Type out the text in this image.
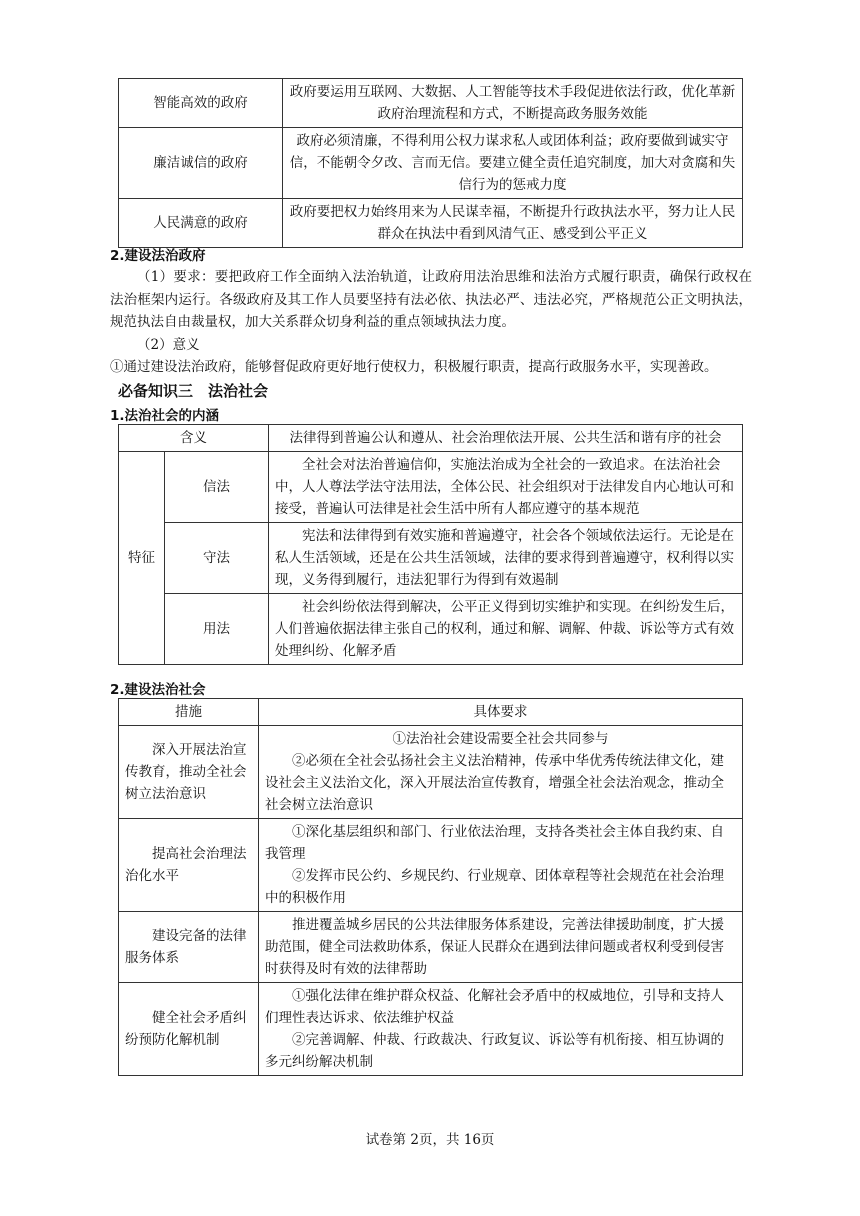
智能高效的政府	政府要运用互联网、大数据、人工智能等技术手段促进依法行政，优化革新政府治理流程和方式，不断提高政务服务效能
廉洁诚信的政府	政府必须清廉，不得利用公权力谋求私人或团体利益；政府要做到诚实守信，不能朝令夕改、言而无信。要建立健全责任追究制度，加大对贪腐和失信行为的惩戒力度
人民满意的政府	政府要把权力始终用来为人民谋幸福，不断提升行政执法水平，努力让人民群众在执法中看到风清气正、感受到公平正义
2.建设法治政府
（1）要求：要把政府工作全面纳入法治轨道，让政府用法治思维和法治方式履行职责，确保行政权在法治框架内运行。各级政府及其工作人员要坚持有法必依、执法必严、违法必究，严格规范公正文明执法，规范执法自由裁量权，加大关系群众切身利益的重点领域执法力度。
（2）意义
①通过建设法治政府，能够督促政府更好地行使权力，积极履行职责，提高行政服务水平，实现善政。
必备知识三　法治社会
1.法治社会的内涵
含义		法律得到普遍公认和遵从、社会治理依法开展、公共生活和谐有序的社会
特征	信法	全社会对法治普遍信仰，实施法治成为全社会的一致追求。在法治社会中，人人尊法学法守法用法，全体公民、社会组织对于法律发自内心地认可和接受，普遍认可法律是社会生活中所有人都应遵守的基本规范
	守法	宪法和法律得到有效实施和普遍遵守，社会各个领域依法运行。无论是在私人生活领域，还是在公共生活领域，法律的要求得到普遍遵守，权利得以实现，义务得到履行，违法犯罪行为得到有效遏制
	用法	社会纠纷依法得到解决，公平正义得到切实维护和实现。在纠纷发生后，人们普遍依据法律主张自己的权利，通过和解、调解、仲裁、诉讼等方式有效处理纠纷、化解矛盾
2.建设法治社会
措施	具体要求
深入开展法治宣传教育，推动全社会树立法治意识	①法治社会建设需要全社会共同参与
②必须在全社会弘扬社会主义法治精神，传承中华优秀传统法律文化，建设社会主义法治文化，深入开展法治宣传教育，增强全社会法治观念，推动全社会树立法治意识

提高社会治理法治化水平	①深化基层组织和部门、行业依法治理，支持各类社会主体自我约束、自我管理
②发挥市民公约、乡规民约、行业规章、团体章程等社会规范在社会治理中的积极作用

建设完备的法律服务体系	推进覆盖城乡居民的公共法律服务体系建设，完善法律援助制度，扩大援助范围，健全司法救助体系，保证人民群众在遇到法律问题或者权利受到侵害时获得及时有效的法律帮助

健全社会矛盾纠纷预防化解机制	①强化法律在维护群众权益、化解社会矛盾中的权威地位，引导和支持人们理性表达诉求、依法维护权益
②完善调解、仲裁、行政裁决、行政复议、诉讼等有机衔接、相互协调的多元纠纷解决机制
试卷第 2页，共 16页
